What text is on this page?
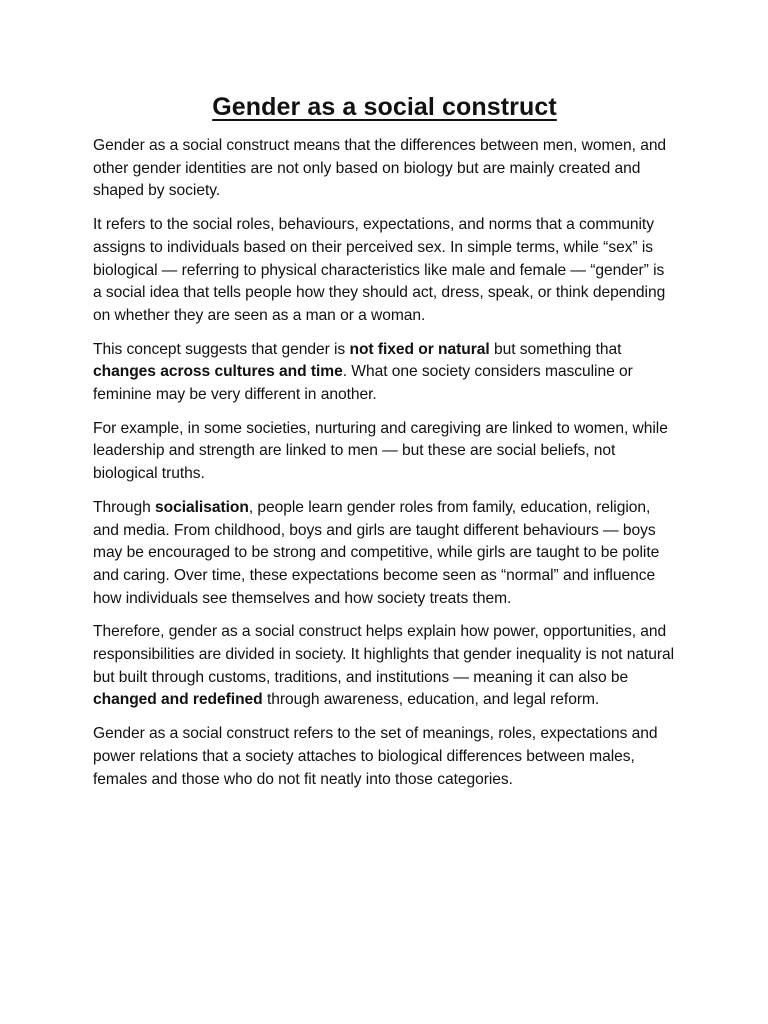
Gender as a social construct

Gender as a social construct means that the differences between men, women, and other gender identities are not only based on biology but are mainly created and shaped by society.

It refers to the social roles, behaviours, expectations, and norms that a community assigns to individuals based on their perceived sex. In simple terms, while “sex” is biological — referring to physical characteristics like male and female — “gender” is a social idea that tells people how they should act, dress, speak, or think depending on whether they are seen as a man or a woman.

This concept suggests that gender is not fixed or natural but something that changes across cultures and time. What one society considers masculine or feminine may be very different in another.

For example, in some societies, nurturing and caregiving are linked to women, while leadership and strength are linked to men — but these are social beliefs, not biological truths.

Through socialisation, people learn gender roles from family, education, religion, and media. From childhood, boys and girls are taught different behaviours — boys may be encouraged to be strong and competitive, while girls are taught to be polite and caring. Over time, these expectations become seen as “normal” and influence how individuals see themselves and how society treats them.

Therefore, gender as a social construct helps explain how power, opportunities, and responsibilities are divided in society. It highlights that gender inequality is not natural but built through customs, traditions, and institutions — meaning it can also be changed and redefined through awareness, education, and legal reform.

Gender as a social construct refers to the set of meanings, roles, expectations and power relations that a society attaches to biological differences between males, females and those who do not fit neatly into those categories.
